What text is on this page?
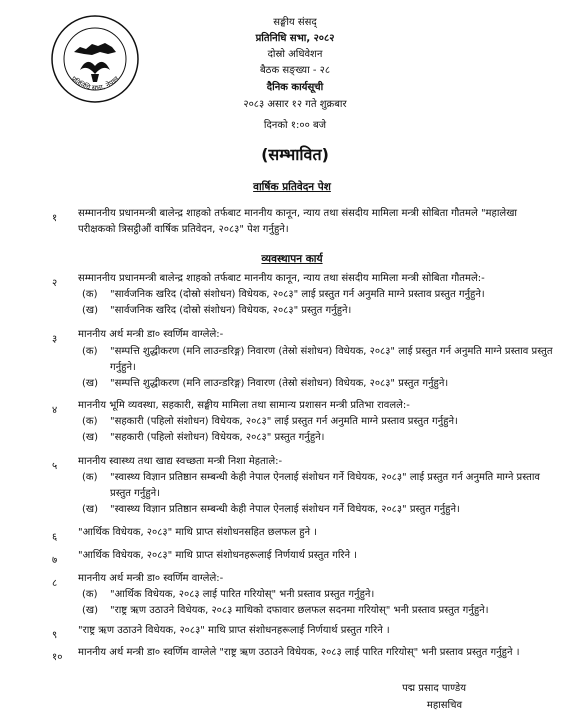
प्रतिनिधि सभा, नेपाल
सङ्घीय संसद्
प्रतिनिधि सभा, २०८२
दोस्रो अधिवेशन
बैठक सङ्ख्या - २८
दैनिक कार्यसूची
२०८३ असार १२ गते शुक्रबार
दिनको १:०० बजे
(सम्भावित)
वार्षिक प्रतिवेदन पेश
१	सम्माननीय प्रधानमन्त्री बालेन्द्र शाहको तर्फबाट माननीय कानून, न्याय तथा संसदीय मामिला मन्त्री सोबिता गौतमले "महालेखा परीक्षकको त्रिसट्ठीऔं वार्षिक प्रतिवेदन, २०८३" पेश गर्नुहुने।
व्यवस्थापन कार्य
२	सम्माननीय प्रधानमन्त्री बालेन्द्र शाहको तर्फबाट माननीय कानून, न्याय तथा संसदीय मामिला मन्त्री सोबिता गौतमले:-
(क) "सार्वजनिक खरिद (दोस्रो संशोधन) विधेयक, २०८३" लाई प्रस्तुत गर्न अनुमति माग्ने प्रस्ताव प्रस्तुत गर्नुहुने।
(ख) "सार्वजनिक खरिद (दोस्रो संशोधन) विधेयक, २०८३" प्रस्तुत गर्नुहुने।
३	माननीय अर्थ मन्त्री डा० स्वर्णिम वाग्लेले:-
(क) "सम्पत्ति शुद्धीकरण (मनि लाउन्डरिङ्ग) निवारण (तेस्रो संशोधन) विधेयक, २०८३" लाई प्रस्तुत गर्न अनुमति माग्ने प्रस्ताव प्रस्तुत गर्नुहुने।
(ख) "सम्पत्ति शुद्धीकरण (मनि लाउन्डरिङ्ग) निवारण (तेस्रो संशोधन) विधेयक, २०८३" प्रस्तुत गर्नुहुने।
४	माननीय भूमि व्यवस्था, सहकारी, सङ्घीय मामिला तथा सामान्य प्रशासन मन्त्री प्रतिभा रावलले:-
(क) "सहकारी (पहिलो संशोधन) विधेयक, २०८३" लाई प्रस्तुत गर्न अनुमति माग्ने प्रस्ताव प्रस्तुत गर्नुहुने।
(ख) "सहकारी (पहिलो संशोधन) विधेयक, २०८३" प्रस्तुत गर्नुहुने।
५	माननीय स्वास्थ्य तथा खाद्य स्वच्छता मन्त्री निशा मेहताले:-
(क) "स्वास्थ्य विज्ञान प्रतिष्ठान सम्बन्धी केही नेपाल ऐनलाई संशोधन गर्ने विधेयक, २०८३" लाई प्रस्तुत गर्न अनुमति माग्ने प्रस्ताव प्रस्तुत गर्नुहुने।
(ख) "स्वास्थ्य विज्ञान प्रतिष्ठान सम्बन्धी केही नेपाल ऐनलाई संशोधन गर्ने विधेयक, २०८३" प्रस्तुत गर्नुहुने।
६	"आर्थिक विधेयक, २०८३" माथि प्राप्त संशोधनसहित छलफल हुने ।
७	"आर्थिक विधेयक, २०८३" माथि प्राप्त संशोधनहरूलाई निर्णयार्थ प्रस्तुत गरिने ।
८	माननीय अर्थ मन्त्री डा० स्वर्णिम वाग्लेले:-
(क) "आर्थिक विधेयक, २०८३ लाई पारित गरियोस्" भनी प्रस्ताव प्रस्तुत गर्नुहुने।
(ख) "राष्ट्र ऋण उठाउने विधेयक, २०८३ माथिको दफावार छलफल सदनमा गरियोस्" भनी प्रस्ताव प्रस्तुत गर्नुहुने।
९	"राष्ट्र ऋण उठाउने विधेयक, २०८३" माथि प्राप्त संशोधनहरूलाई निर्णयार्थ प्रस्तुत गरिने ।
१०	माननीय अर्थ मन्त्री डा० स्वर्णिम वाग्लेले "राष्ट्र ऋण उठाउने विधेयक, २०८३ लाई पारित गरियोस्" भनी प्रस्ताव प्रस्तुत गर्नुहुने ।
पद्म प्रसाद पाण्डेय
महासचिव
